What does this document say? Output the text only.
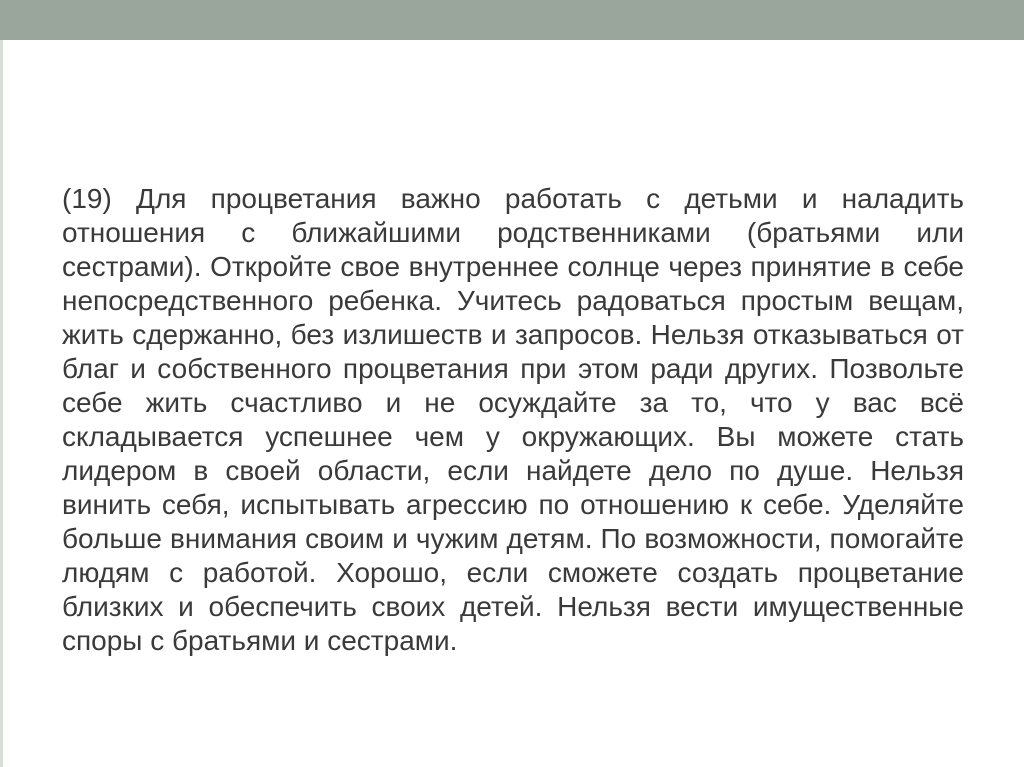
(19) Для процветания важно работать с детьми и наладить отношения с ближайшими родственниками (братьями или сестрами). Откройте свое внутреннее солнце через принятие в себе непосредственного ребенка. Учитесь радоваться простым вещам, жить сдержанно, без излишеств и запросов. Нельзя отказываться от благ и собственного процветания при этом ради других. Позвольте себе жить счастливо и не осуждайте за то, что у вас всё складывается успешнее чем у окружающих. Вы можете стать лидером в своей области, если найдете дело по душе. Нельзя винить себя, испытывать агрессию по отношению к себе. Уделяйте больше внимания своим и чужим детям. По возможности, помогайте людям с работой. Хорошо, если сможете создать процветание близких и обеспечить своих детей. Нельзя вести имущественные споры с братьями и сестрами.
